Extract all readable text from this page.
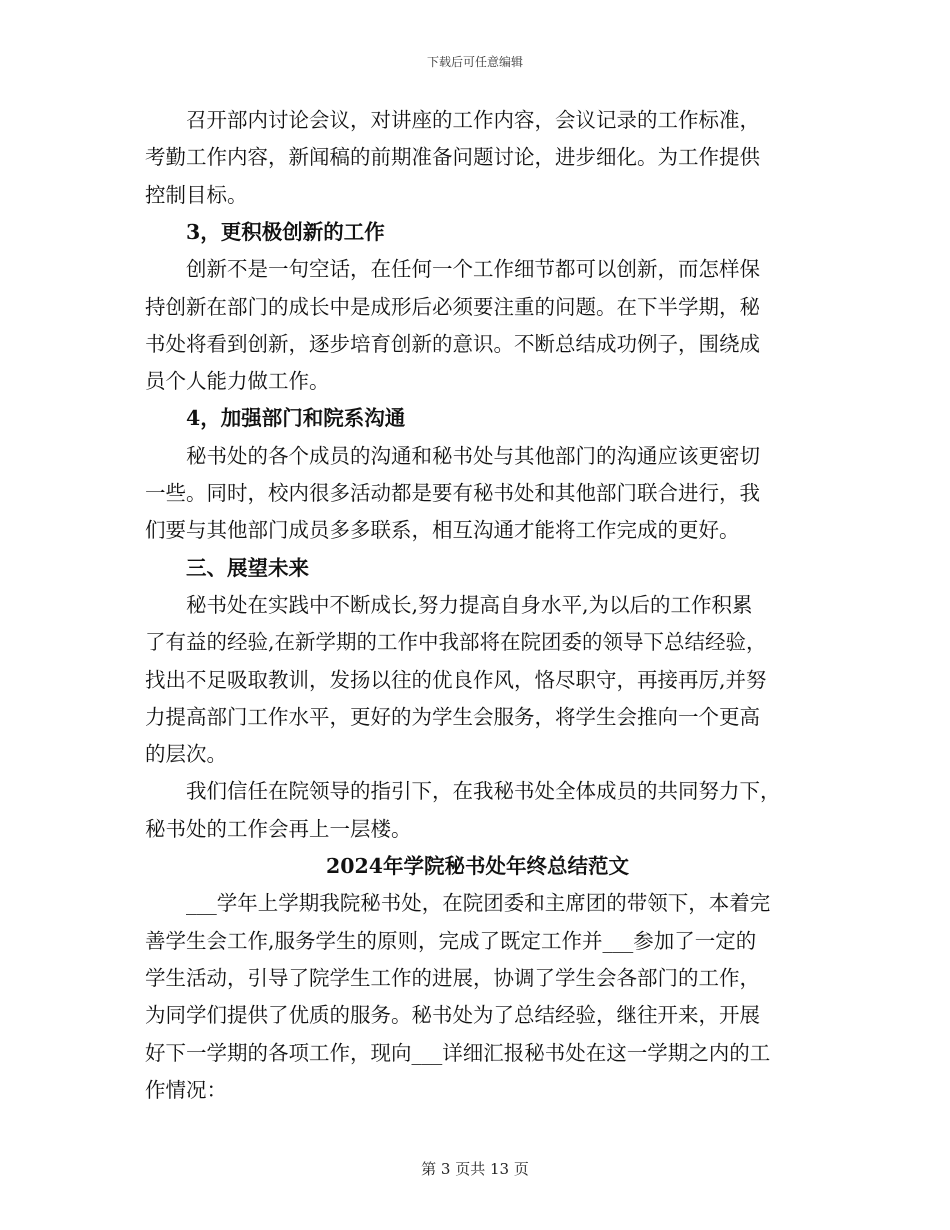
下载后可任意编辑
召开部内讨论会议，对讲座的工作内容，会议记录的工作标准，
考勤工作内容，新闻稿的前期准备问题讨论，进步细化。为工作提供
控制目标。
3，更积极创新的工作
创新不是一句空话，在任何一个工作细节都可以创新，而怎样保
持创新在部门的成长中是成形后必须要注重的问题。在下半学期，秘
书处将看到创新，逐步培育创新的意识。不断总结成功例子，围绕成
员个人能力做工作。
4，加强部门和院系沟通
秘书处的各个成员的沟通和秘书处与其他部门的沟通应该更密切
一些。同时，校内很多活动都是要有秘书处和其他部门联合进行，我
们要与其他部门成员多多联系，相互沟通才能将工作完成的更好。
三、展望未来
秘书处在实践中不断成长,努力提高自身水平,为以后的工作积累
了有益的经验,在新学期的工作中我部将在院团委的领导下总结经验，
找出不足吸取教训，发扬以往的优良作风，恪尽职守，再接再厉,并努
力提高部门工作水平，更好的为学生会服务，将学生会推向一个更高
的层次。
我们信任在院领导的指引下，在我秘书处全体成员的共同努力下，
秘书处的工作会再上一层楼。
2024年学院秘书处年终总结范文
___学年上学期我院秘书处，在院团委和主席团的带领下，本着完
善学生会工作,服务学生的原则，完成了既定工作并___参加了一定的
学生活动，引导了院学生工作的进展，协调了学生会各部门的工作，
为同学们提供了优质的服务。秘书处为了总结经验，继往开来，开展
好下一学期的各项工作，现向___详细汇报秘书处在这一学期之内的工
作情况：
第 3 页共 13 页
